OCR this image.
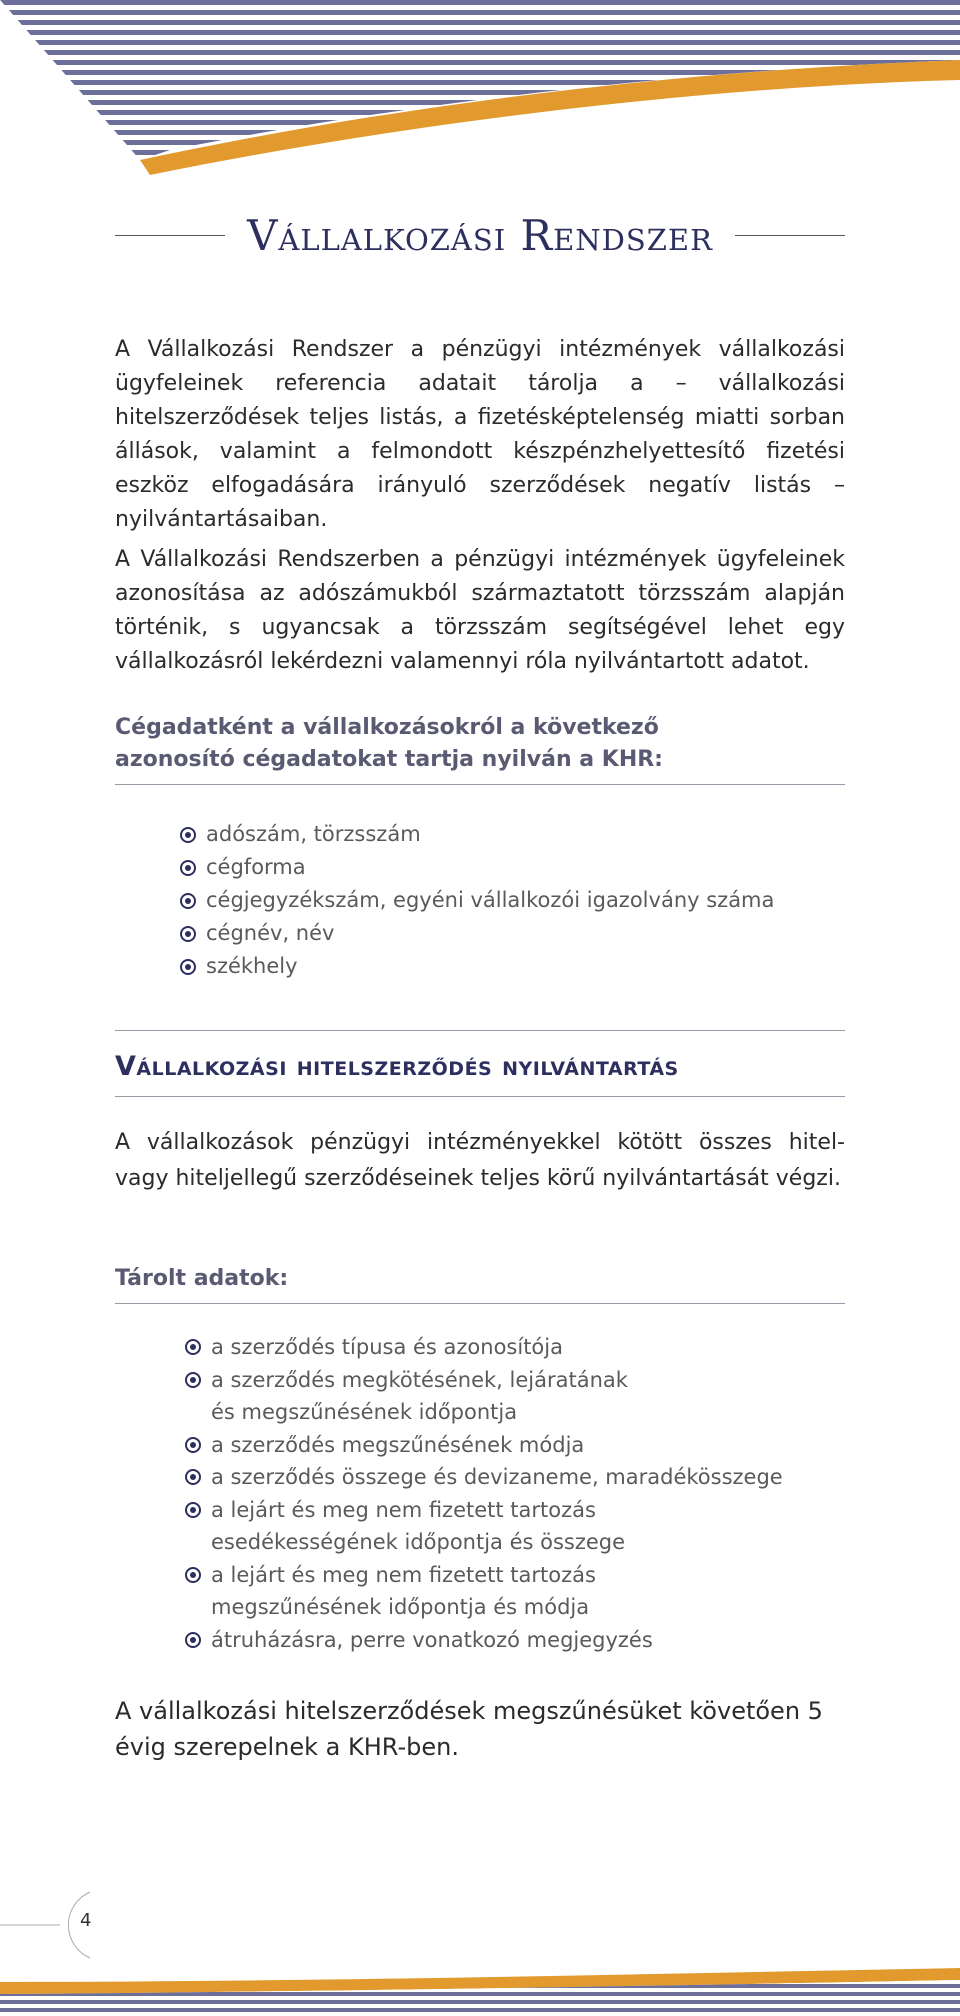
Vállalkozási Rendszer

A Vállalkozási Rendszer a pénzügyi intézmények vállalkozási ügyfeleinek referencia adatait tárolja a – vállalkozási hitelszerződések teljes listás, a fizetésképtelenség miatti sorban állások, valamint a felmondott készpénzhelyettesítő fizetési eszköz elfogadására irányuló szerződések negatív listás – nyilvántartásaiban.

A Vállalkozási Rendszerben a pénzügyi intézmények ügyfeleinek azonosítása az adószámukból származtatott törzsszám alapján történik, s ugyancsak a törzsszám segítségével lehet egy vállalkozásról lekérdezni valamennyi róla nyilvántartott adatot.

Cégadatként a vállalkozásokról a következő
azonosító cégadatokat tartja nyilván a KHR:
adószám, törzsszám
cégforma
cégjegyzékszám, egyéni vállalkozói igazolvány száma
cégnév, név
székhely
Vállalkozási hitelszerződés nyilvántartás

A vállalkozások pénzügyi intézményekkel kötött összes hitel- vagy hiteljellegű szerződéseinek teljes körű nyilvántartását végzi.

Tárolt adatok:
a szerződés típusa és azonosítója
a szerződés megkötésének, lejáratának
és megszűnésének időpontja
a szerződés megszűnésének módja
a szerződés összege és devizaneme, maradékösszege
a lejárt és meg nem fizetett tartozás
esedékességének időpontja és összege
a lejárt és meg nem fizetett tartozás
megszűnésének időpontja és módja
átruházásra, perre vonatkozó megjegyzés

A vállalkozási hitelszerződések megszűnésüket követően 5 évig szerepelnek a KHR-ben.

4
